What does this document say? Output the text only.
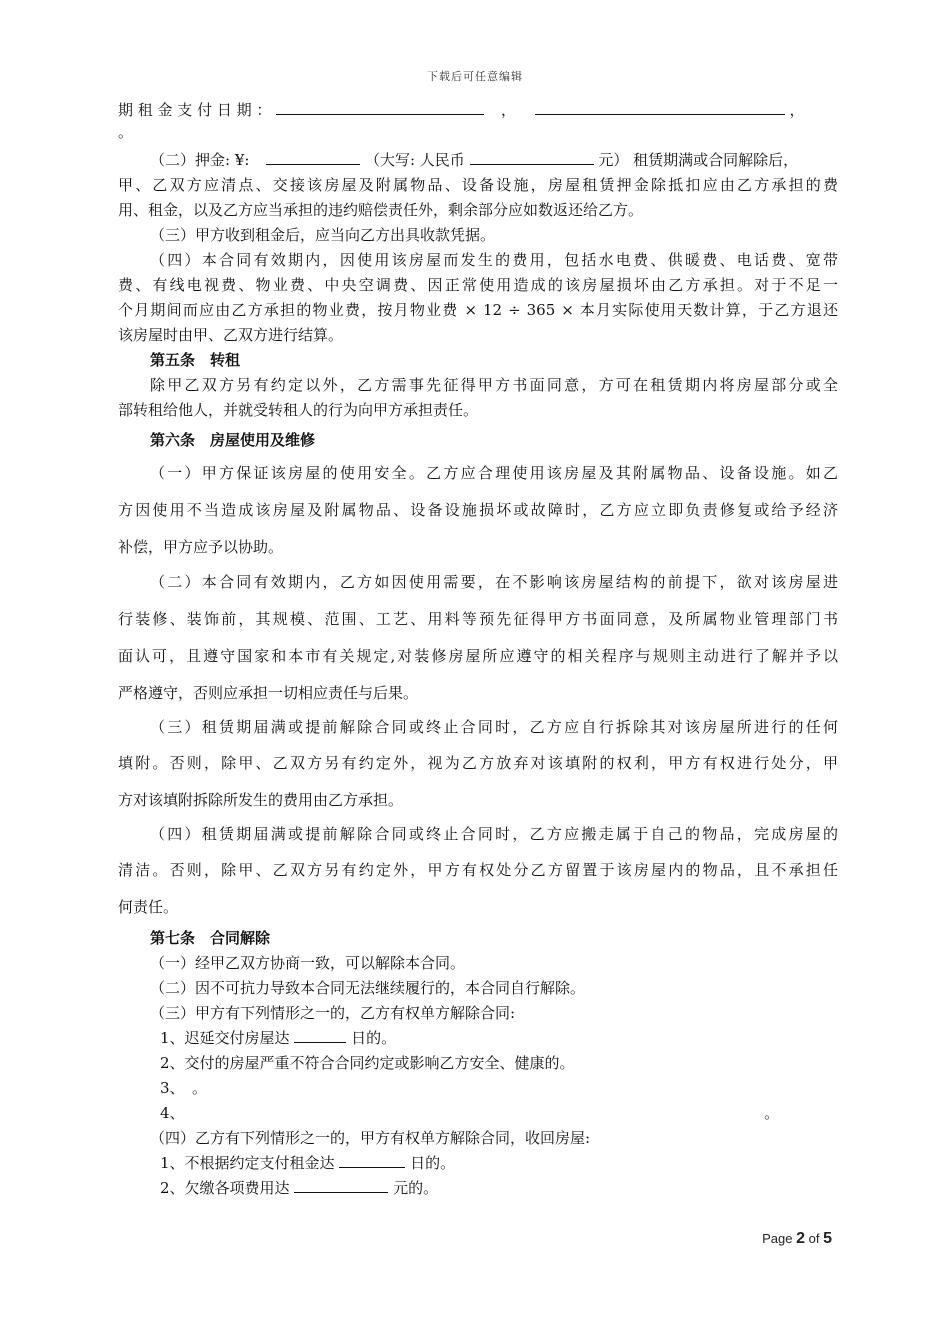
下载后可任意编辑
期 租 金 支 付 日 期 ：	，	，
。
（二）押金: ¥:	（大写: 人民币	元） 租赁期满或合同解除后，
甲、乙双方应清点、交接该房屋及附属物品、设备设施，房屋租赁押金除抵扣应由乙方承担的费
用、租金，以及乙方应当承担的违约赔偿责任外，剩余部分应如数返还给乙方。
（三）甲方收到租金后，应当向乙方出具收款凭据。
（四）本合同有效期内，因使用该房屋而发生的费用，包括水电费、供暖费、电话费、宽带
费、有线电视费、物业费、中央空调费、因正常使用造成的该房屋损坏由乙方承担。对于不足一
个月期间而应由乙方承担的物业费，按月物业费 × 12 ÷ 365 × 本月实际使用天数计算，于乙方退还
该房屋时由甲、乙双方进行结算。
第五条　转租
除甲乙双方另有约定以外，乙方需事先征得甲方书面同意，方可在租赁期内将房屋部分或全
部转租给他人，并就受转租人的行为向甲方承担责任。
第六条　房屋使用及维修
（一）甲方保证该房屋的使用安全。乙方应合理使用该房屋及其附属物品、设备设施。如乙
方因使用不当造成该房屋及附属物品、设备设施损坏或故障时，乙方应立即负责修复或给予经济
补偿，甲方应予以协助。
（二）本合同有效期内，乙方如因使用需要，在不影响该房屋结构的前提下，欲对该房屋进
行装修、装饰前，其规模、范围、工艺、用料等预先征得甲方书面同意，及所属物业管理部门书
面认可，且遵守国家和本市有关规定,对装修房屋所应遵守的相关程序与规则主动进行了解并予以
严格遵守，否则应承担一切相应责任与后果。
（三）租赁期届满或提前解除合同或终止合同时，乙方应自行拆除其对该房屋所进行的任何
填附。否则，除甲、乙双方另有约定外，视为乙方放弃对该填附的权利，甲方有权进行处分，甲
方对该填附拆除所发生的费用由乙方承担。
（四）租赁期届满或提前解除合同或终止合同时，乙方应搬走属于自己的物品，完成房屋的
清洁。否则，除甲、乙双方另有约定外，甲方有权处分乙方留置于该房屋内的物品，且不承担任
何责任。
第七条　合同解除
（一）经甲乙双方协商一致，可以解除本合同。
（二）因不可抗力导致本合同无法继续履行的，本合同自行解除。
（三）甲方有下列情形之一的，乙方有权单方解除合同:
1、迟延交付房屋达	日的。
2、交付的房屋严重不符合合同约定或影响乙方安全、健康的。
3、　。
4、	。
（四）乙方有下列情形之一的，甲方有权单方解除合同，收回房屋:
1、不根据约定支付租金达	日的。
2、欠缴各项费用达	元的。
Page 2 of 5
